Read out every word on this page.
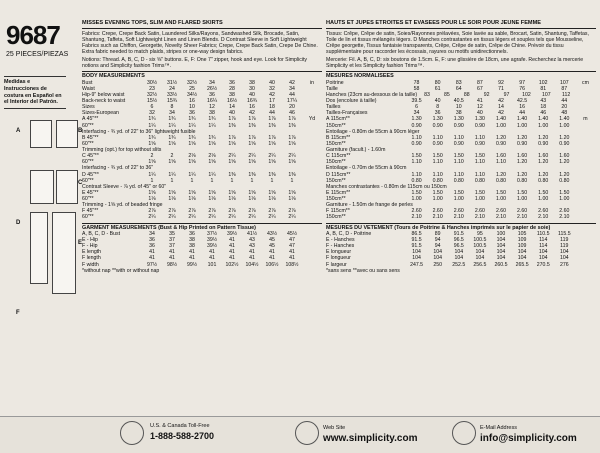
9687
25 PIECES/PIEZAS
Medidas e Instrucciones de costura en Español en el Interior del Patrón.
A	B
C
D
E
F
MISSES EVENING TOPS, SLIM AND FLARED SKIRTS
Fabrics: Crepe, Crepe Back Satin, Laundered Silks/Rayons, Sandwashed Silk, Brocade, Satin, Shantung, Taffeta, Soft Lightweight Linen and Linen Blends. D Contrast Sleeve in Soft Lightweight Fabrics such as Chiffon, Georgette, Novelty Sheer Fabrics; Crepe, Crepe Back Satin, Crepe De Chine. Extra fabric needed to match plaids, stripes or one-way design fabrics.
Notions: Thread. A, B, C, D - six ⅝" buttons. E, F: One 7" zipper, hook and eye. Look for Simplicity notions and Simplicity fashion Trims™.
BODY MEASUREMENTS
Bust	30½	31½	32½	34	36	38	40	42	in
Waist	23	24	25	26½	28	30	32	34
Hip-9" below waist	32½	33½	34½	36	38	40	42	44
Back-neck to waist	15½	15¾	16	16¼	16½	16¾	17	17¼
Sizes	6	8	10	12	14	16	18	20
Sizes-European	32	34	36	38	40	42	44	46
A 45"**	1¾	1¾	1¾	1¾	1⅞	1⅞	1⅞	1⅞	Yd
60"**	1¼	1¼	1¼	1¼	1⅜	1⅜	1⅜	1⅜
Interfacing - ¾ yd. of 22" to 36" lightweight fusible
B 45"**	1¾	1¾	1¾	1¾	1⅞	1⅞	1⅞	1⅞
60"**	1⅝	1⅝	1⅝	1⅝	1⅝	1⅝	1⅝	1⅝
Trimming (opt.) for top without slits
C 45"**	2	2	2⅛	2⅛	2¼	2¼	2¼	2¼
60"**	1⅝	1⅝	1⅝	1⅝	1⅝	1⅝	1⅝	1⅝
Interfacing - ¾ yd. of 22" to 36"
D 45"**	1¼	1¼	1¼	1¼	1⅜	1⅜	1⅜	1⅜
60"**	1	1	1	1	1	1	1	1
Contrast Sleeve - ⅞ yd. of 45" or 60"
E 45"**	1⅝	1⅝	1⅝	1⅝	1⅝	1⅝	1⅝	1⅝
60"**	1⅛	1⅛	1⅛	1⅛	1⅛	1⅛	1⅛	1⅛
Trimming - 1⅝ yd. of beaded fringe
F 45"**	2⅞	2⅞	2⅞	2⅞	2⅞	2⅞	2⅞	2⅞
60"**	2¼	2¼	2¼	2¼	2¼	2¼	2¼	2¼
GARMENT MEASUREMENTS (Bust & Hip Printed on Pattern Tissue)
A, B, C, D - Bust	34	35	36	37½	39½	41½	43½	45½
E - Hip	36	37	38	39½	41	43	45	47
F - Hip	36	37	38	39½	41	43	45	47
E length	41	41	41	41	41	41	41	41
F length	41	41	41	41	41	41	41	41
F width	97½	98½	99½	101	102½	104½	106½	108½
*without nap **with or without nap
HAUTS ET JUPES ETROITES ET EVASEES POUR LE SOIR POUR JEUNE FEMME
Tissus: Crêpe, Crêpe de satin, Soies/Rayonnes prélavées, Soie lavée au sable, Brocart, Satin, Shantung, Taffetas, Toile de lin et tissus mélangés légers. D Manches contrastantes en tissus légers et souples tels que Mousseline, Crêpe georgette, Tissus fantaisie transparents, Crêpe, Crêpe de satin, Crêpe de Chine. Prévoir du tissu supplémentaire pour raccorder les écossais, rayures ou motifs unidirectionnels.
Mercerie: Fil. A, B, C, D: six boutons de 1.5cm. E, F: une glissière de 18cm, une agrafe. Recherchez la mercerie Simplicity et les Simplicity fashion Trims™.
MESURES NORMALISEES
Poitrine	78	80	83	87	92	97	102	107	cm
Taille	58	61	64	67	71	76	81	87
Hanches (23cm au-dessous de la taille)	83	85	88	92	97	102	107	112
Dos (encolure à taille)	39.5	40	40.5	41	42	42.5	43	44
Tailles	6	8	10	12	14	16	18	20
Tailles-Françaises	34	36	38	40	42	44	46	48
A 115cm**	1.30	1.30	1.30	1.30	1.40	1.40	1.40	1.40	m
150cm**	0.90	0.90	0.90	0.90	1.00	1.00	1.00	1.00
Entoilage - 0.80m de 55cm à 90cm léger
B 115cm**	1.10	1.10	1.10	1.10	1.20	1.20	1.20	1.20
150cm**	0.90	0.90	0.90	0.90	0.90	0.90	0.90	0.90
Garniture (facult.) - 1.60m
C 115cm**	1.50	1.50	1.50	1.50	1.60	1.60	1.60	1.60
150cm**	1.10	1.10	1.10	1.10	1.10	1.20	1.20	1.20
Entoilage - 0.70m de 55cm à 90cm
D 115cm**	1.10	1.10	1.10	1.10	1.20	1.20	1.20	1.20
150cm**	0.80	0.80	0.80	0.80	0.80	0.80	0.80	0.80
Manches contrastantes - 0.80m de 115cm ou 150cm
E 115cm**	1.50	1.50	1.50	1.50	1.50	1.50	1.50	1.50
150cm**	1.00	1.00	1.00	1.00	1.00	1.00	1.00	1.00
Garniture - 1.50m de frange de perles
F 115cm**	2.60	2.60	2.60	2.60	2.60	2.60	2.60	2.60
150cm**	2.10	2.10	2.10	2.10	2.10	2.10	2.10	2.10
MESURES DU VETEMENT (Tours de Poitrine & Hanches imprimés sur le papier de soie)
A, B, C, D - Poitrine	86.5	89	91.5	95	100	105	110.5	115.5
E - Hanches	91.5	94	96.5	100.5	104	109	114	119
F - Hanches	91.5	94	96.5	100.5	104	109	114	119
E longueur	104	104	104	104	104	104	104	104
F longueur	104	104	104	104	104	104	104	104
F largeur	247.5	250	252.5	256.5	260.5	265.5	270.5	276
*sans sens **avec ou sans sens
U.S. & Canada Toll-Free
1-888-588-2700
Web Site
www.simplicity.com
E-Mail Address
info@simplicity.com
